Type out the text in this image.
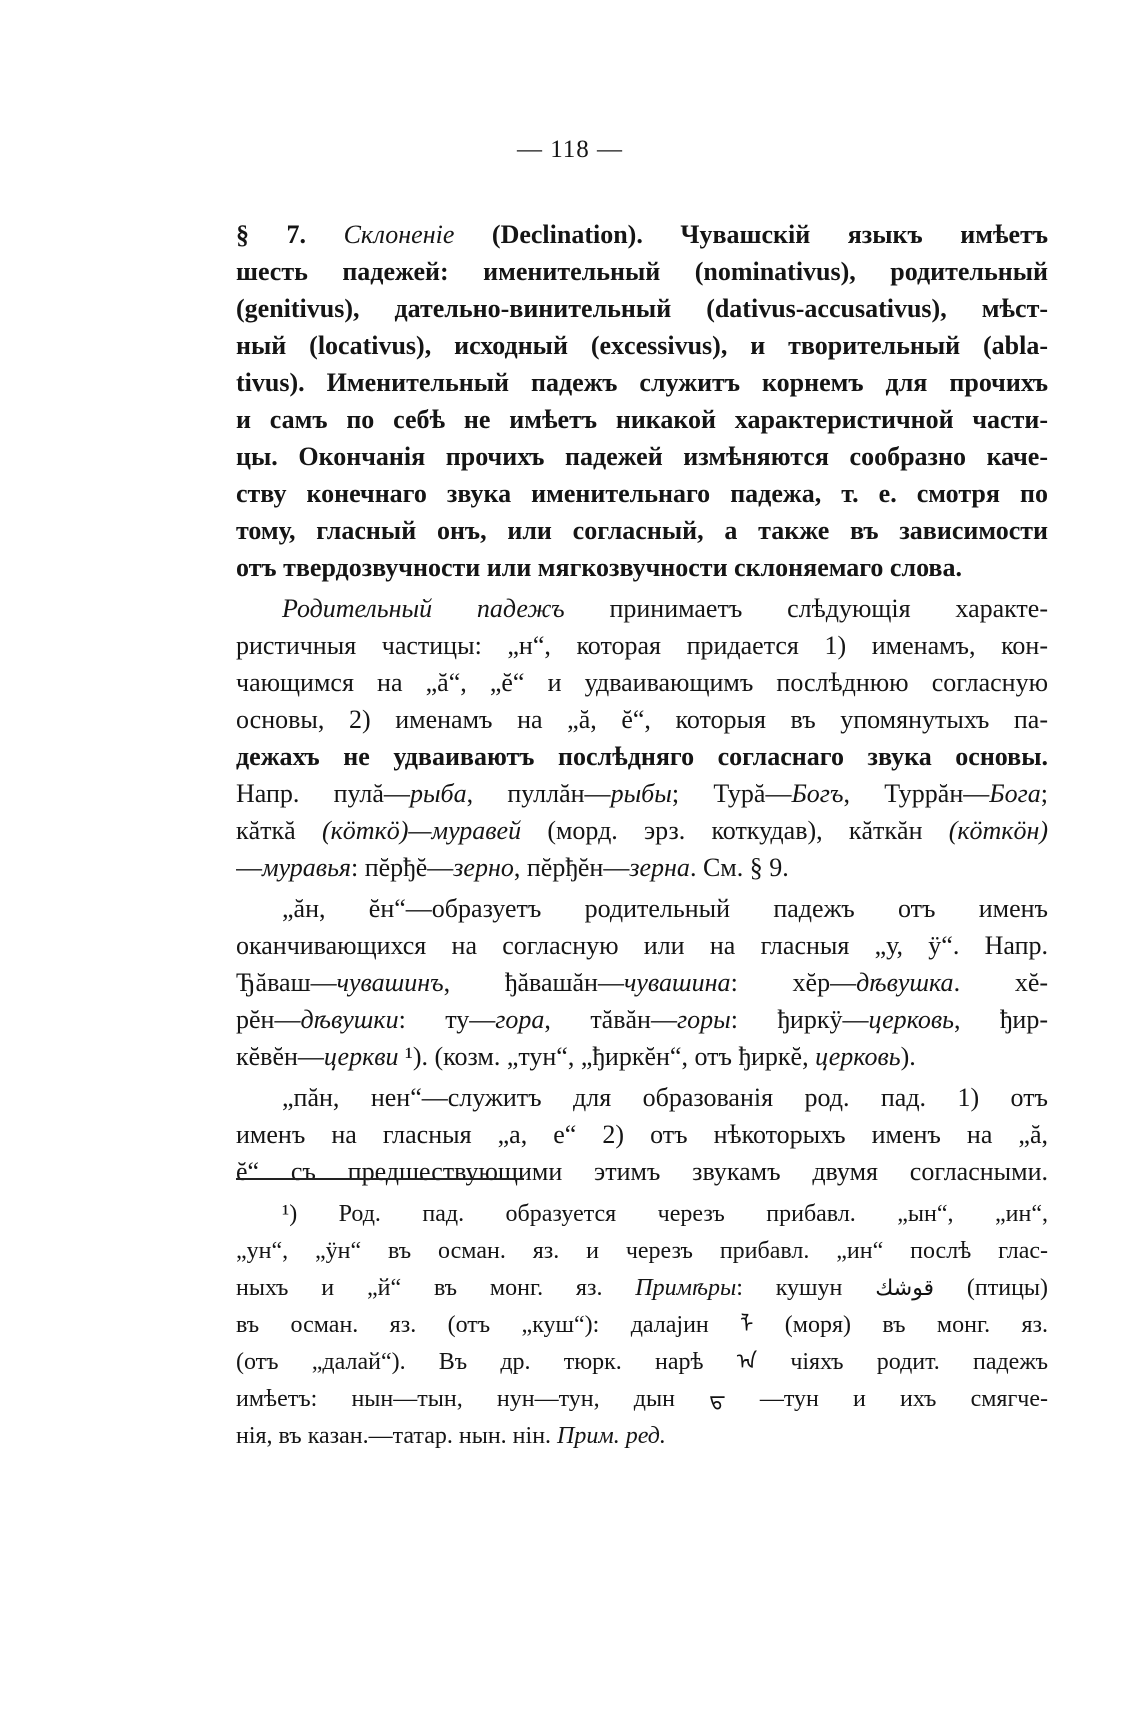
— 118 —
§ 7. Склоненіе (Declination). Чувашскій языкъ имѣетъ
шесть падежей: именительный (nominativus), родительный
(genitivus), дательно-винительный (dativus-accusativus), мѣст-
ный (locativus), исходный (excessivus), и творительный (abla-
tivus). Именительный падежъ служитъ корнемъ для прочихъ
и самъ по себѣ не имѣетъ никакой характеристичной части-
цы. Окончанія прочихъ падежей измѣняются сообразно каче-
ству конечнаго звука именительнаго падежа, т. е. смотря по
тому, гласный онъ, или согласный, а также въ зависимости
отъ твердозвучности или мягкозвучности склоняемаго слова.
Родительный падежъ принимаетъ слѣдующія характе-
ристичныя частицы: „н“, которая придается 1) именамъ, кон-
чающимся на „ă“, „ĕ“ и удваивающимъ послѣднюю согласную
основы, 2) именамъ на „ă, ĕ“, которыя въ упомянутыхъ па-
дежахъ не удваиваютъ послѣдняго согласнаго звука основы.
Напр. пулă—рыба, пуллăн—рыбы; Турă—Богъ, Туррăн—Бога;
кăткă (кöткö)—муравей (морд. эрз. коткудав), кăткăн (кöткöн)
—муравья: пĕрђĕ—зерно, пĕрђĕн—зерна. См. § 9.
„ăн, ĕн“—образуетъ родительный падежъ отъ именъ
оканчивающихся на согласную или на гласныя „у, ÿ“. Напр.
Ђăваш—чувашинъ, ђăвашăн—чувашина: хĕр—дѣвушка. хĕ-
рĕн—дѣвушки: ту—гора, тăвăн—горы: ђиркÿ—церковь, ђир-
кĕвĕн—церкви ¹). (козм. „тун“, „ђиркĕн“, отъ ђиркĕ, церковь).
„пăн, нен“—служитъ для образованія род. пад. 1) отъ
именъ на гласныя „а, е“ 2) отъ нѣкоторыхъ именъ на „ă,
ĕ“ съ предшествующими этимъ звукамъ двумя согласными.
¹) Род. пад. образуется черезъ прибавл. „ын“, „ин“,
„ун“, „ÿн“ въ осман. яз. и черезъ прибавл. „ин“ послѣ глас-
ныхъ и „й“ въ монг. яз. Примѣры: кушун قوشك (птицы)
въ осман. яз. (отъ „куш“): далаjин ᠯ (моря) въ монг. яз.
(отъ „далай“). Въ др. тюрк. нарѣ ᠠ чіяхъ родит. падежъ
имѣетъ: нын—тын, нун—тун, дын ᠳ —тун и ихъ смягче-
нія, въ казан.—татар. нын. нін. Прим. ред.
